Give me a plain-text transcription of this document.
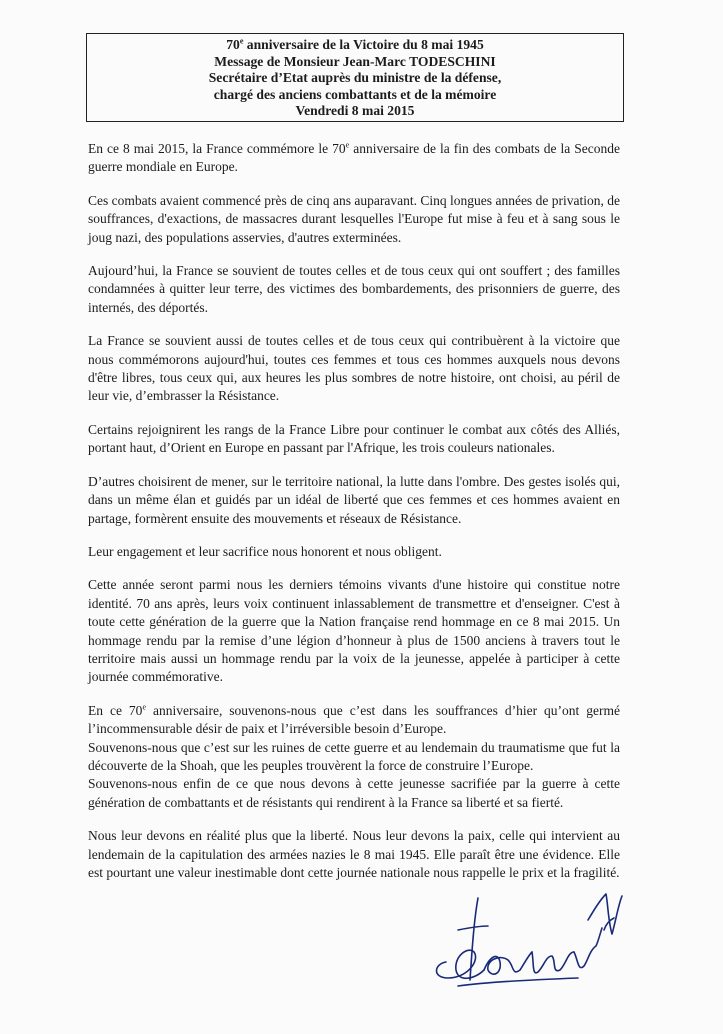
70e anniversaire de la Victoire du 8 mai 1945
Message de Monsieur Jean-Marc TODESCHINI
Secrétaire d’Etat auprès du ministre de la défense,
chargé des anciens combattants et de la mémoire
Vendredi 8 mai 2015

En ce 8 mai 2015, la France commémore le 70e anniversaire de la fin des combats de la Seconde guerre mondiale en Europe.

Ces combats avaient commencé près de cinq ans auparavant. Cinq longues années de privation, de souffrances, d'exactions, de massacres durant lesquelles l'Europe fut mise à feu et à sang sous le joug nazi, des populations asservies, d'autres exterminées.

Aujourd’hui, la France se souvient de toutes celles et de tous ceux qui ont souffert ; des familles condamnées à quitter leur terre, des victimes des bombardements, des prisonniers de guerre, des internés, des déportés.

La France se souvient aussi de toutes celles et de tous ceux qui contribuèrent à la victoire que nous commémorons aujourd'hui, toutes ces femmes et tous ces hommes auxquels nous devons d'être libres, tous ceux qui, aux heures les plus sombres de notre histoire, ont choisi, au péril de leur vie, d’embrasser la Résistance.

Certains rejoignirent les rangs de la France Libre pour continuer le combat aux côtés des Alliés, portant haut, d’Orient en Europe en passant par l'Afrique, les trois couleurs nationales.

D’autres choisirent de mener, sur le territoire national, la lutte dans l'ombre. Des gestes isolés qui, dans un même élan et guidés par un idéal de liberté que ces femmes et ces hommes avaient en partage, formèrent ensuite des mouvements et réseaux de Résistance.

Leur engagement et leur sacrifice nous honorent et nous obligent.

Cette année seront parmi nous les derniers témoins vivants d'une histoire qui constitue notre identité. 70 ans après, leurs voix continuent inlassablement de transmettre et d'enseigner. C'est à toute cette génération de la guerre que la Nation française rend hommage en ce 8 mai 2015. Un hommage rendu par la remise d’une légion d’honneur à plus de 1500 anciens à travers tout le territoire mais aussi un hommage rendu par la voix de la jeunesse, appelée à participer à cette journée commémorative.

En ce 70e anniversaire, souvenons-nous que c’est dans les souffrances d’hier qu’ont germé l’incommensurable désir de paix et l’irréversible besoin d’Europe.

Souvenons-nous que c’est sur les ruines de cette guerre et au lendemain du traumatisme que fut la découverte de la Shoah, que les peuples trouvèrent la force de construire l’Europe.

Souvenons-nous enfin de ce que nous devons à cette jeunesse sacrifiée par la guerre à cette génération de combattants et de résistants qui rendirent à la France sa liberté et sa fierté.

Nous leur devons en réalité plus que la liberté. Nous leur devons la paix, celle qui intervient au lendemain de la capitulation des armées nazies le 8 mai 1945. Elle paraît être une évidence. Elle est pourtant une valeur inestimable dont cette journée nationale nous rappelle le prix et la fragilité.
